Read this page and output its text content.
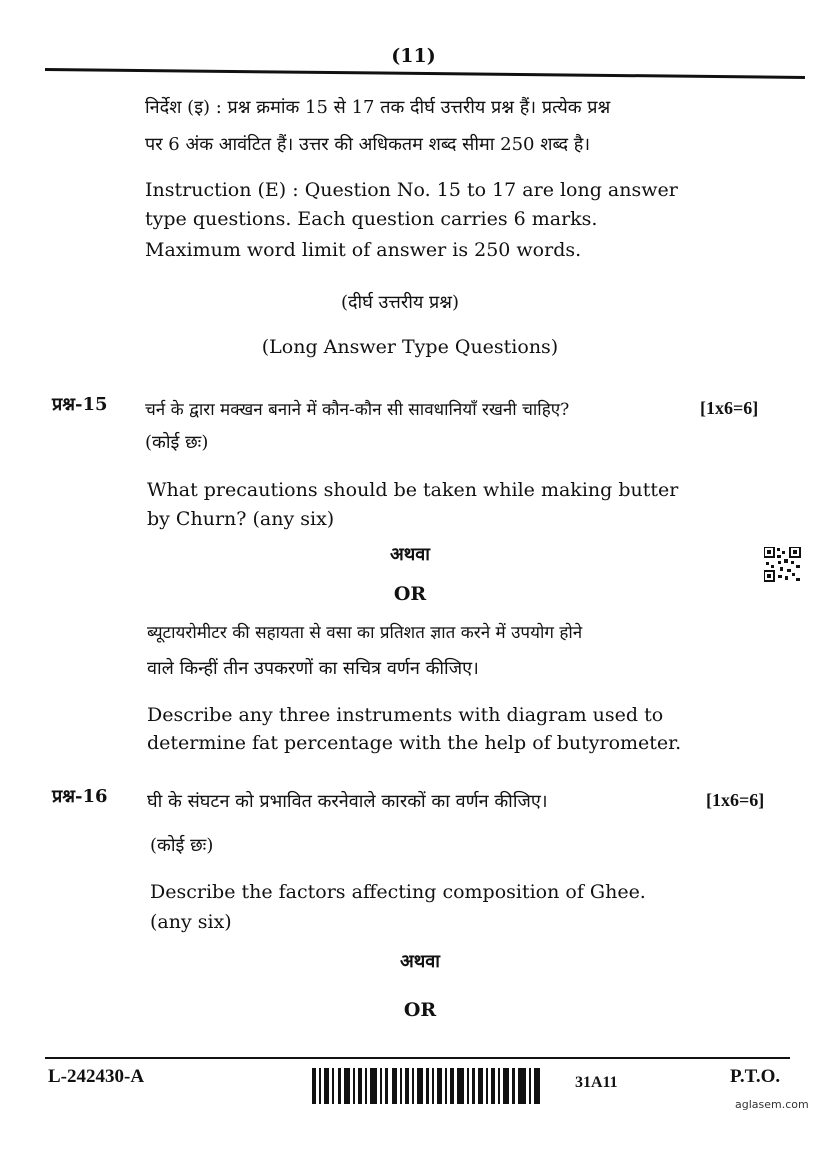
(11)
निर्देश (इ) : प्रश्न क्रमांक 15 से 17 तक दीर्घ उत्तरीय प्रश्न हैं। प्रत्येक प्रश्न
पर 6 अंक आवंटित हैं। उत्तर की अधिकतम शब्द सीमा 250 शब्द है।
Instruction (E) : Question No. 15 to 17 are long answer
type questions. Each question carries 6 marks.
Maximum word limit of answer is 250 words.
(दीर्घ उत्तरीय प्रश्न)
(Long Answer Type Questions)
प्रश्न-15 चर्न के द्वारा मक्खन बनाने में कौन-कौन सी सावधानियाँ रखनी चाहिए?	[1x6=6]
(कोई छः)
What precautions should be taken while making butter
by Churn? (any six)
अथवा
OR
ब्यूटायरोमीटर की सहायता से वसा का प्रतिशत ज्ञात करने में उपयोग होने
वाले किन्हीं तीन उपकरणों का सचित्र वर्णन कीजिए।
Describe any three instruments with diagram used to
determine fat percentage with the help of butyrometer.
प्रश्न-16 घी के संघटन को प्रभावित करनेवाले कारकों का वर्णन कीजिए।	[1x6=6]
(कोई छः)
Describe the factors affecting composition of Ghee.
(any six)
अथवा
OR
L-242430-A	31A11	P.T.O.
aglasem.com
